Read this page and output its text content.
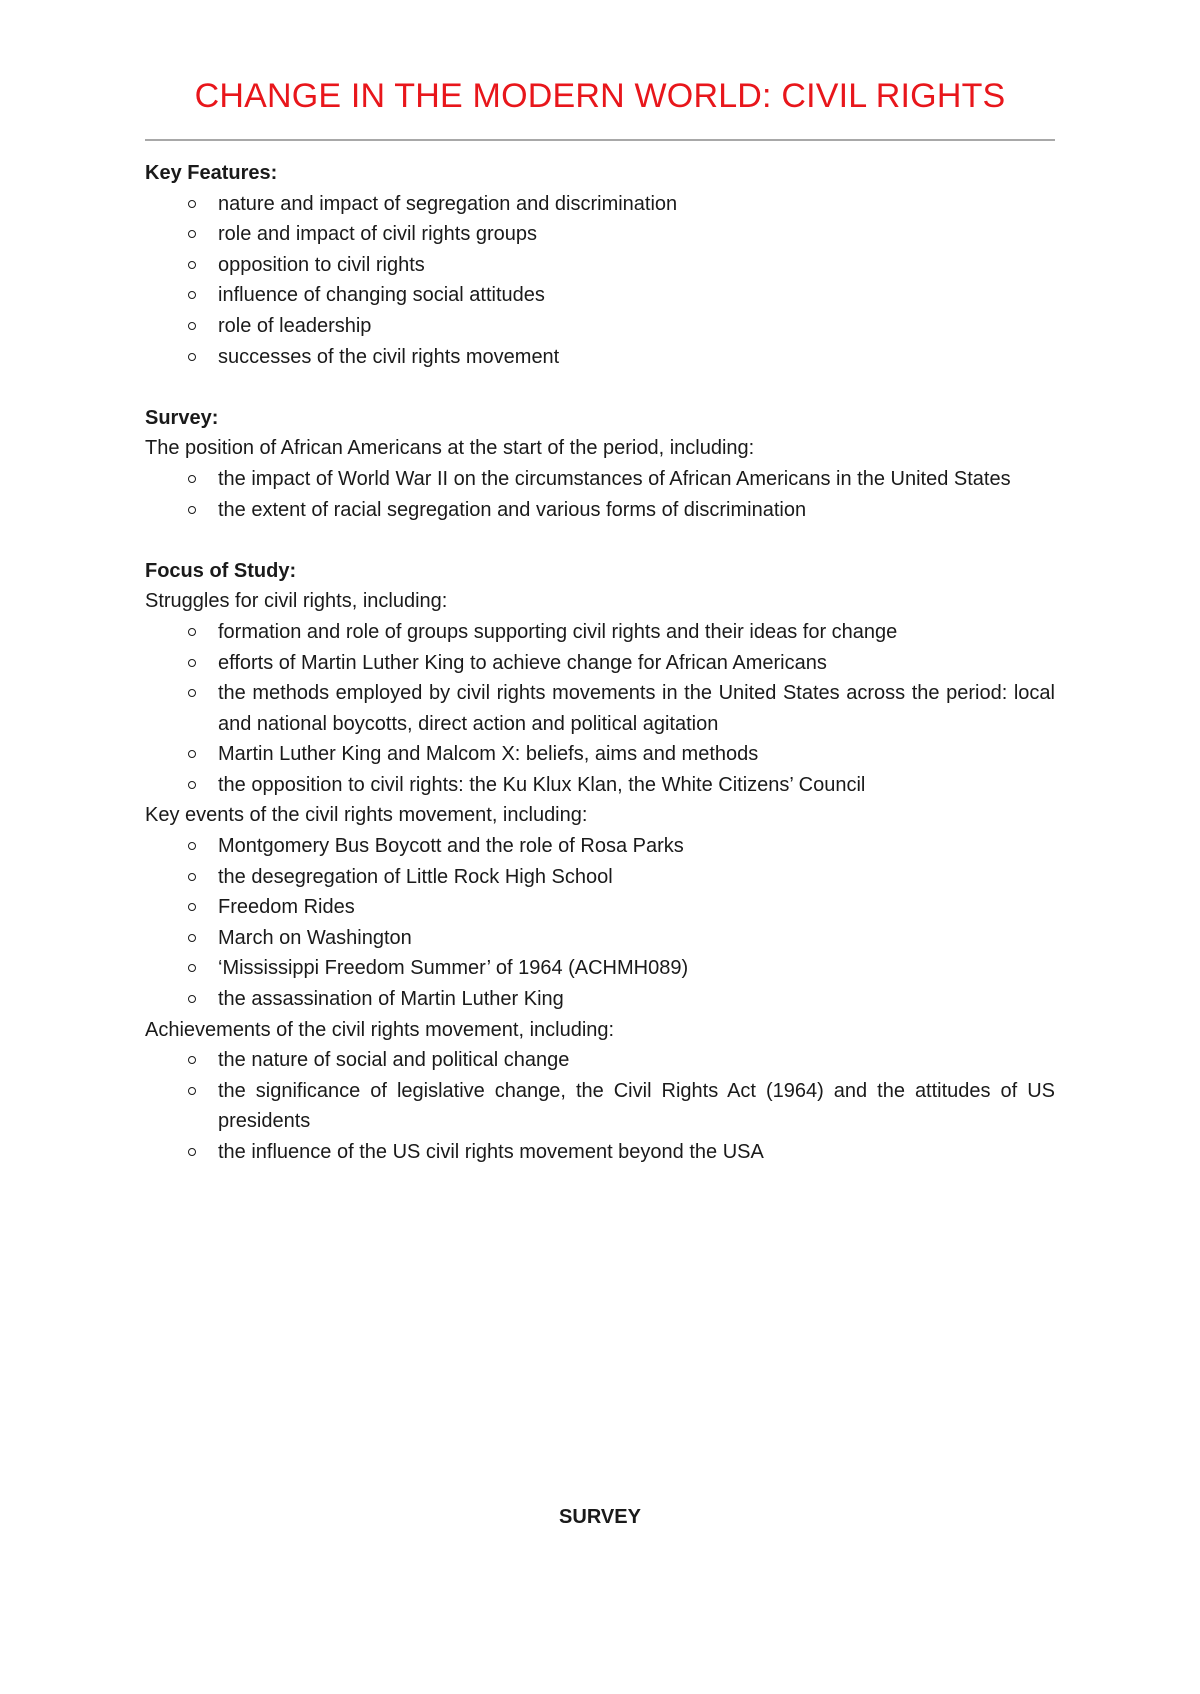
CHANGE IN THE MODERN WORLD: CIVIL RIGHTS

Key Features:

nature and impact of segregation and discrimination
role and impact of civil rights groups
opposition to civil rights
influence of changing social attitudes
role of leadership
successes of the civil rights movement

Survey:

The position of African Americans at the start of the period, including:

the impact of World War II on the circumstances of African Americans in the United States
the extent of racial segregation and various forms of discrimination

Focus of Study:

Struggles for civil rights, including:

formation and role of groups supporting civil rights and their ideas for change
efforts of Martin Luther King to achieve change for African Americans
the methods employed by civil rights movements in the United States across the period: local and national boycotts, direct action and political agitation
Martin Luther King and Malcom X: beliefs, aims and methods
the opposition to civil rights: the Ku Klux Klan, the White Citizens’ Council

Key events of the civil rights movement, including:

Montgomery Bus Boycott and the role of Rosa Parks
the desegregation of Little Rock High School
Freedom Rides
March on Washington
‘Mississippi Freedom Summer’ of 1964 (ACHMH089)
the assassination of Martin Luther King

Achievements of the civil rights movement, including:

the nature of social and political change
the significance of legislative change, the Civil Rights Act (1964) and the attitudes of US presidents
the influence of the US civil rights movement beyond the USA
SURVEY
